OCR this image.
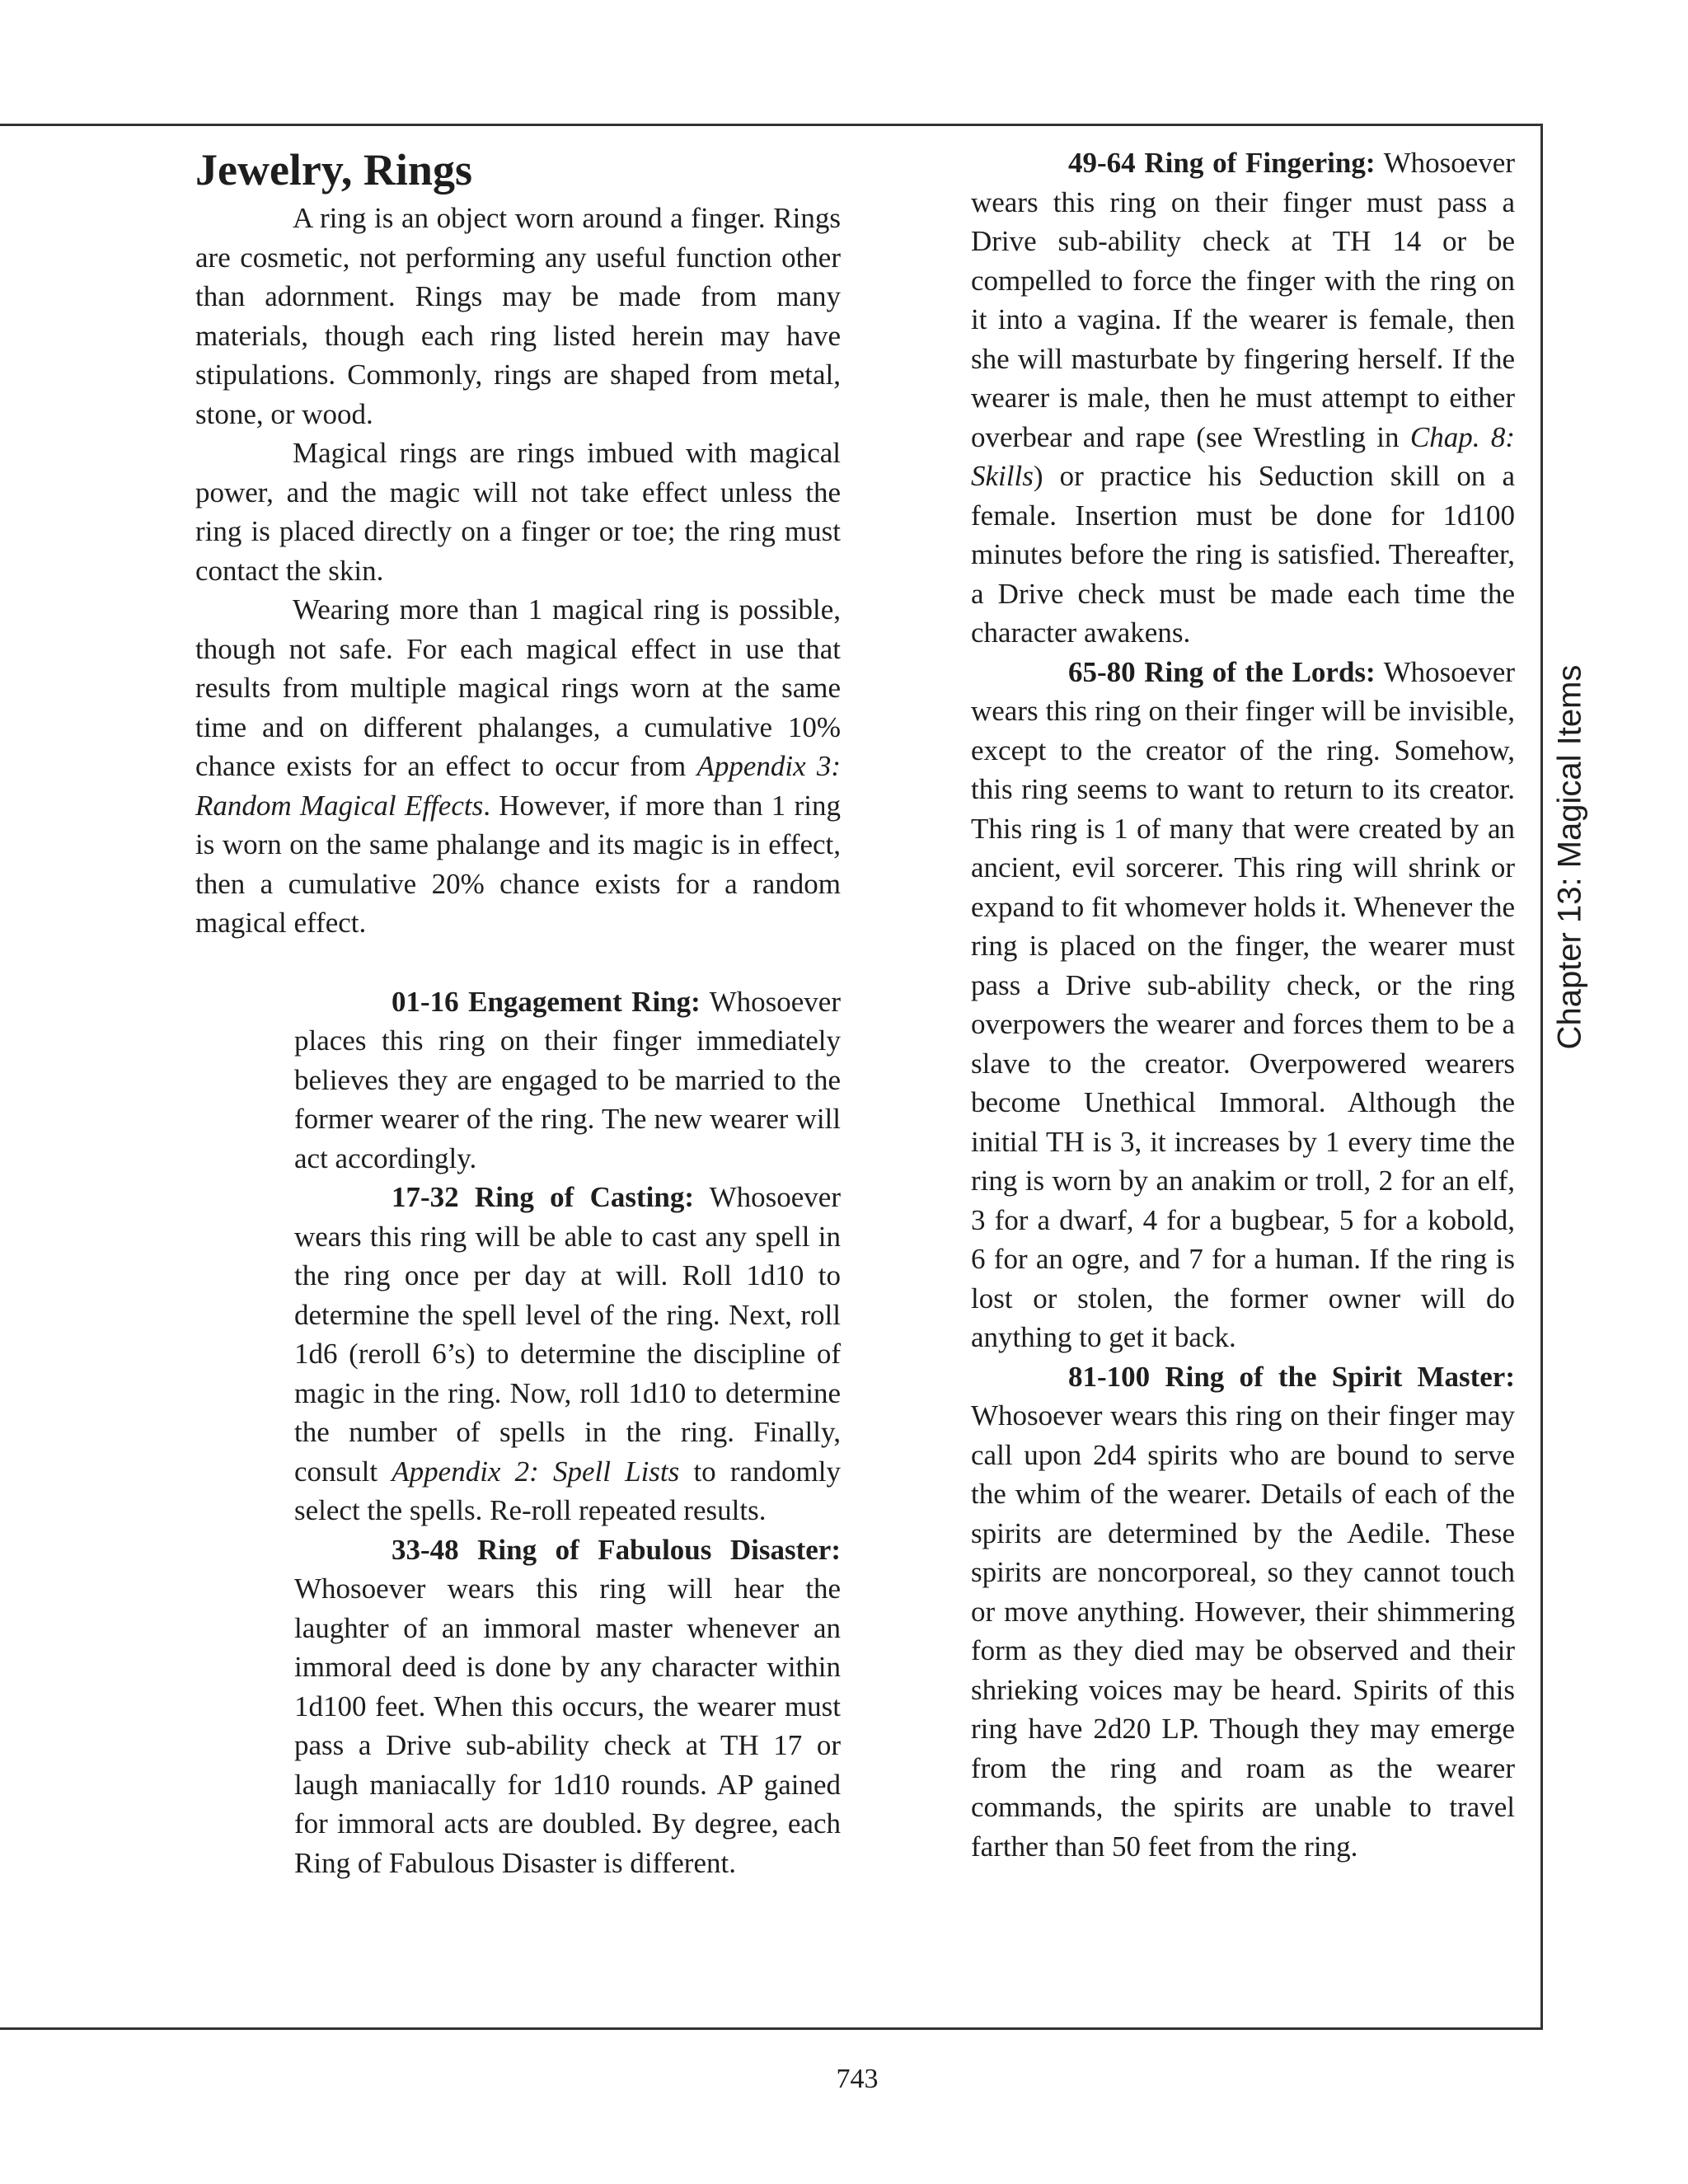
Jewelry, Rings

A ring is an object worn around a finger. Rings are cosmetic, not performing any useful function other than adornment. Rings may be made from many materials, though each ring listed herein may have stipulations. Commonly, rings are shaped from metal, stone, or wood.

Magical rings are rings imbued with magical power, and the magic will not take effect unless the ring is placed directly on a finger or toe; the ring must contact the skin.

Wearing more than 1 magical ring is possible, though not safe. For each magical effect in use that results from multiple magical rings worn at the same time and on different phalanges, a cumulative 10% chance exists for an effect to occur from Appendix 3: Random Magical Effects. However, if more than 1 ring is worn on the same phalange and its magic is in effect, then a cumulative 20% chance exists for a random magical effect.

01-16 Engagement Ring: Whosoever places this ring on their finger immediately believes they are engaged to be married to the former wearer of the ring. The new wearer will act accordingly.

17-32 Ring of Casting: Whosoever wears this ring will be able to cast any spell in the ring once per day at will. Roll 1d10 to determine the spell level of the ring. Next, roll 1d6 (reroll 6’s) to determine the discipline of magic in the ring. Now, roll 1d10 to determine the number of spells in the ring. Finally, consult Appendix 2: Spell Lists to randomly select the spells. Re-roll repeated results.

33-48 Ring of Fabulous Disaster: Whosoever wears this ring will hear the laughter of an immoral master whenever an immoral deed is done by any character within 1d100 feet. When this occurs, the wearer must pass a Drive sub-ability check at TH 17 or laugh maniacally for 1d10 rounds. AP gained for immoral acts are doubled. By degree, each Ring of Fabulous Disaster is different.

49-64 Ring of Fingering: Whosoever wears this ring on their finger must pass a Drive sub-ability check at TH 14 or be compelled to force the finger with the ring on it into a vagina. If the wearer is female, then she will masturbate by fingering herself. If the wearer is male, then he must attempt to either overbear and rape (see Wrestling in Chap. 8: Skills) or practice his Seduction skill on a female. Insertion must be done for 1d100 minutes before the ring is satisfied. Thereafter, a Drive check must be made each time the character awakens.

65-80 Ring of the Lords: Whosoever wears this ring on their finger will be invisible, except to the creator of the ring. Somehow, this ring seems to want to return to its creator. This ring is 1 of many that were created by an ancient, evil sorcerer. This ring will shrink or expand to fit whomever holds it. Whenever the ring is placed on the finger, the wearer must pass a Drive sub-ability check, or the ring overpowers the wearer and forces them to be a slave to the creator. Overpowered wearers become Unethical Immoral. Although the initial TH is 3, it increases by 1 every time the ring is worn by an anakim or troll, 2 for an elf, 3 for a dwarf, 4 for a bugbear, 5 for a kobold, 6 for an ogre, and 7 for a human. If the ring is lost or stolen, the former owner will do anything to get it back.

81-100 Ring of the Spirit Master: Whosoever wears this ring on their finger may call upon 2d4 spirits who are bound to serve the whim of the wearer. Details of each of the spirits are determined by the Aedile. These spirits are noncorporeal, so they cannot touch or move anything. However, their shimmering form as they died may be observed and their shrieking voices may be heard. Spirits of this ring have 2d20 LP. Though they may emerge from the ring and roam as the wearer commands, the spirits are unable to travel farther than 50 feet from the ring.

Chapter 13: Magical Items
743
